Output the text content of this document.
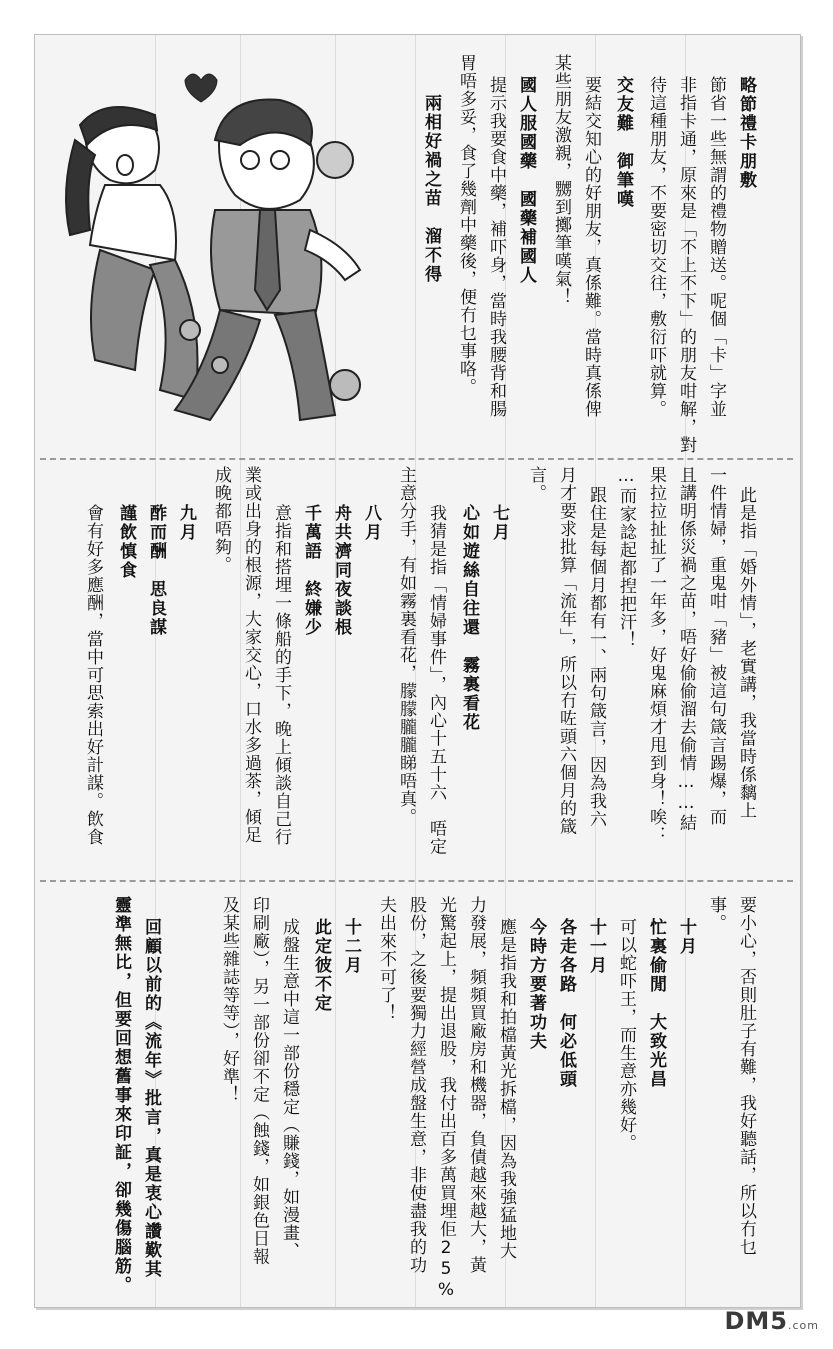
略節禮卡朋敷
節省一些無謂的禮物贈送。呢個「卡」字並
非指卡通，原來是「不上不下」的朋友咁解，對
待這種朋友，不要密切交往，敷衍吓就算。
交友難　御筆嘆
要結交知心的好朋友，真係難。當時真係俾
某些朋友激親，嬲到擲筆嘆氣！
國人服國藥　國藥補國人
提示我要食中藥，補吓身，當時我腰背和腸
胃唔多妥，食了幾劑中藥後，便冇乜事咯。
兩相好禍之苗　溜不得
此是指「婚外情」，老實講，我當時係黐上
一件情婦，重鬼咁「豬」被這句箴言踢爆，而
且講明係災禍之苗，唔好偷偷溜去偷情……結
果拉拉扯扯了一年多，好鬼麻煩才甩到身！唉：
…而家諗起都揑把汗！
跟住是每個月都有一、兩句箴言，因為我六
月才要求批算「流年」，所以冇咗頭六個月的箴
言。
七月
心如遊絲自往還　霧裏看花
我猜是指「情婦事件」，內心十五十六　唔定
主意分手，有如霧裏看花，朦朦朧朧睇唔真。
八月
舟共濟同夜談根
千萬語　終嫌少
意指和搭埋一條船的手下，晚上傾談自己行
業或出身的根源，大家交心，口水多過茶，傾足
成晚都唔夠。
九月
酢而酬　思良謀
謹飲慎食
會有好多應酬，當中可思索出好計謀。飲食
要小心，否則肚子有難，我好聽話，所以冇乜
事。
十月
忙裏偷閒　大致光昌
可以蛇吓王，而生意亦幾好。
十一月
各走各路　何必低頭
今時方要著功夫
應是指我和拍檔黃光拆檔，因為我強猛地大
力發展，頻頻買廠房和機器，負債越來越大，黃
光驚起上，提出退股，我付出百多萬買埋佢25%
股份，之後要獨力經營成盤生意，非使盡我的功
夫出來不可了！
十二月
此定彼不定
成盤生意中這一部份穩定（賺錢，如漫畫、
印刷廠），另一部份卻不定（蝕錢，如銀色日報
及某些雜誌等等），好準！
回顧以前的《流年》批言，真是衷心讚歎其
靈準無比，但要回想舊事來印証，卻幾傷腦筋。
DM5.com
